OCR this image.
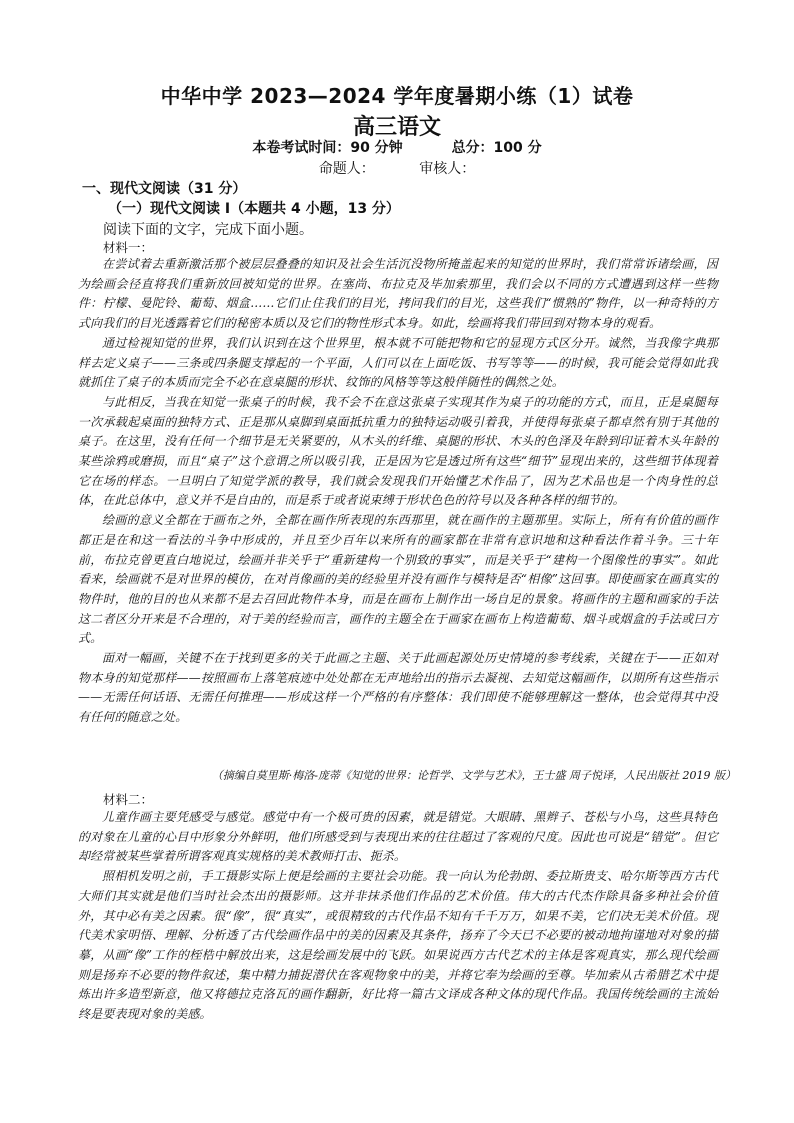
中华中学 2023—2024 学年度暑期小练（1）试卷
高三语文
本卷考试时间：90 分钟	总分：100 分
命题人：	审核人：
一、现代文阅读（31 分）
（一）现代文阅读 I（本题共 4 小题，13 分）
阅读下面的文字，完成下面小题。
材料一：

在尝试着去重新激活那个被层层叠叠的知识及社会生活沉没物所掩盖起来的知觉的世界时，我们常常诉诸绘画，因为绘画会径直将我们重新放回被知觉的世界。在塞尚、布拉克及毕加索那里，我们会以不同的方式遭遇到这样一些物件：柠檬、曼陀铃、葡萄、烟盒……它们止住我们的目光，拷问我们的目光，这些我们“惯熟的”物件，以一种奇特的方式向我们的目光透露着它们的秘密本质以及它们的物性形式本身。如此，绘画将我们带回到对物本身的观看。

通过检视知觉的世界，我们认识到在这个世界里，根本就不可能把物和它的显现方式区分开。诚然，当我像字典那样去定义桌子——三条或四条腿支撑起的一个平面，人们可以在上面吃饭、书写等等——的时候，我可能会觉得如此我就抓住了桌子的本质而完全不必在意桌腿的形状、纹饰的风格等等这般伴随性的偶然之处。

与此相反，当我在知觉一张桌子的时候，我不会不在意这张桌子实现其作为桌子的功能的方式，而且，正是桌腿每一次承载起桌面的独特方式、正是那从桌脚到桌面抵抗重力的独特运动吸引着我，并使得每张桌子都卓然有别于其他的桌子。在这里，没有任何一个细节是无关紧要的，从木头的纤维、桌腿的形状、木头的色泽及年龄到印证着木头年龄的某些涂鸦或磨损，而且“桌子”这个意谓之所以吸引我，正是因为它是透过所有这些“细节”显现出来的，这些细节体现着它在场的样态。一旦明白了知觉学派的教导，我们就会发现我们开始懂艺术作品了，因为艺术品也是一个肉身性的总体，在此总体中，意义并不是自由的，而是系于或者说束缚于形状色色的符号以及各种各样的细节的。

绘画的意义全都在于画布之外，全都在画作所表现的东西那里，就在画作的主题那里。实际上，所有有价值的画作都正是在和这一看法的斗争中形成的，并且至少百年以来所有的画家都在非常有意识地和这种看法作着斗争。三十年前，布拉克曾更直白地说过，绘画并非关乎于“重新建构一个别致的事实”，而是关乎于“建构一个图像性的事实”。如此看来，绘画就不是对世界的模仿，在对肖像画的美的经验里并没有画作与模特是否“相像”这回事。即使画家在画真实的物件时，他的目的也从来都不是去召回此物件本身，而是在画布上制作出一场自足的景象。将画作的主题和画家的手法这二者区分开来是不合理的，对于美的经验而言，画作的主题全在于画家在画布上构造葡萄、烟斗或烟盒的手法或曰方式。

面对一幅画，关键不在于找到更多的关于此画之主题、关于此画起源处历史情境的参考线索，关键在于——正如对物本身的知觉那样——按照画布上落笔痕迹中处处都在无声地给出的指示去凝视、去知觉这幅画作，以期所有这些指示——无需任何话语、无需任何推理——形成这样一个严格的有序整体：我们即使不能够理解这一整体，也会觉得其中没有任何的随意之处。

（摘编自莫里斯·梅洛-庞蒂《知觉的世界：论哲学、文学与艺术》，王士盛 周子悦译，人民出版社 2019 版）
材料二：

儿童作画主要凭感受与感觉。感觉中有一个极可贵的因素，就是错觉。大眼睛、黑辫子、苍松与小鸟，这些具特色的对象在儿童的心目中形象分外鲜明，他们所感受到与表现出来的往往超过了客观的尺度。因此也可说是“错觉”。但它却经常被某些掌着所谓客观真实规格的美术教师打击、扼杀。

照相机发明之前，手工摄影实际上便是绘画的主要社会功能。我一向认为伦勃朗、委拉斯贵支、哈尔斯等西方古代大师们其实就是他们当时社会杰出的摄影师。这并非抹杀他们作品的艺术价值。伟大的古代杰作除具备多种社会价值外，其中必有美之因素。很“像”，很“真实”，或很精致的古代作品不知有千千万万，如果不美，它们决无美术价值。现代美术家明悟、理解、分析透了古代绘画作品中的美的因素及其条件，扬弃了今天已不必要的被动地拘谨地对对象的描摹，从画“像”工作的桎梏中解放出来，这是绘画发展中的飞跃。如果说西方古代艺术的主体是客观真实，那么现代绘画则是扬弃不必要的物件叙述，集中精力捕捉潜伏在客观物象中的美，并将它奉为绘画的至尊。毕加索从古希腊艺术中提炼出许多造型新意，他又将德拉克洛瓦的画作翻新，好比将一篇古文译成各种文体的现代作品。我国传统绘画的主流始终是要表现对象的美感。
